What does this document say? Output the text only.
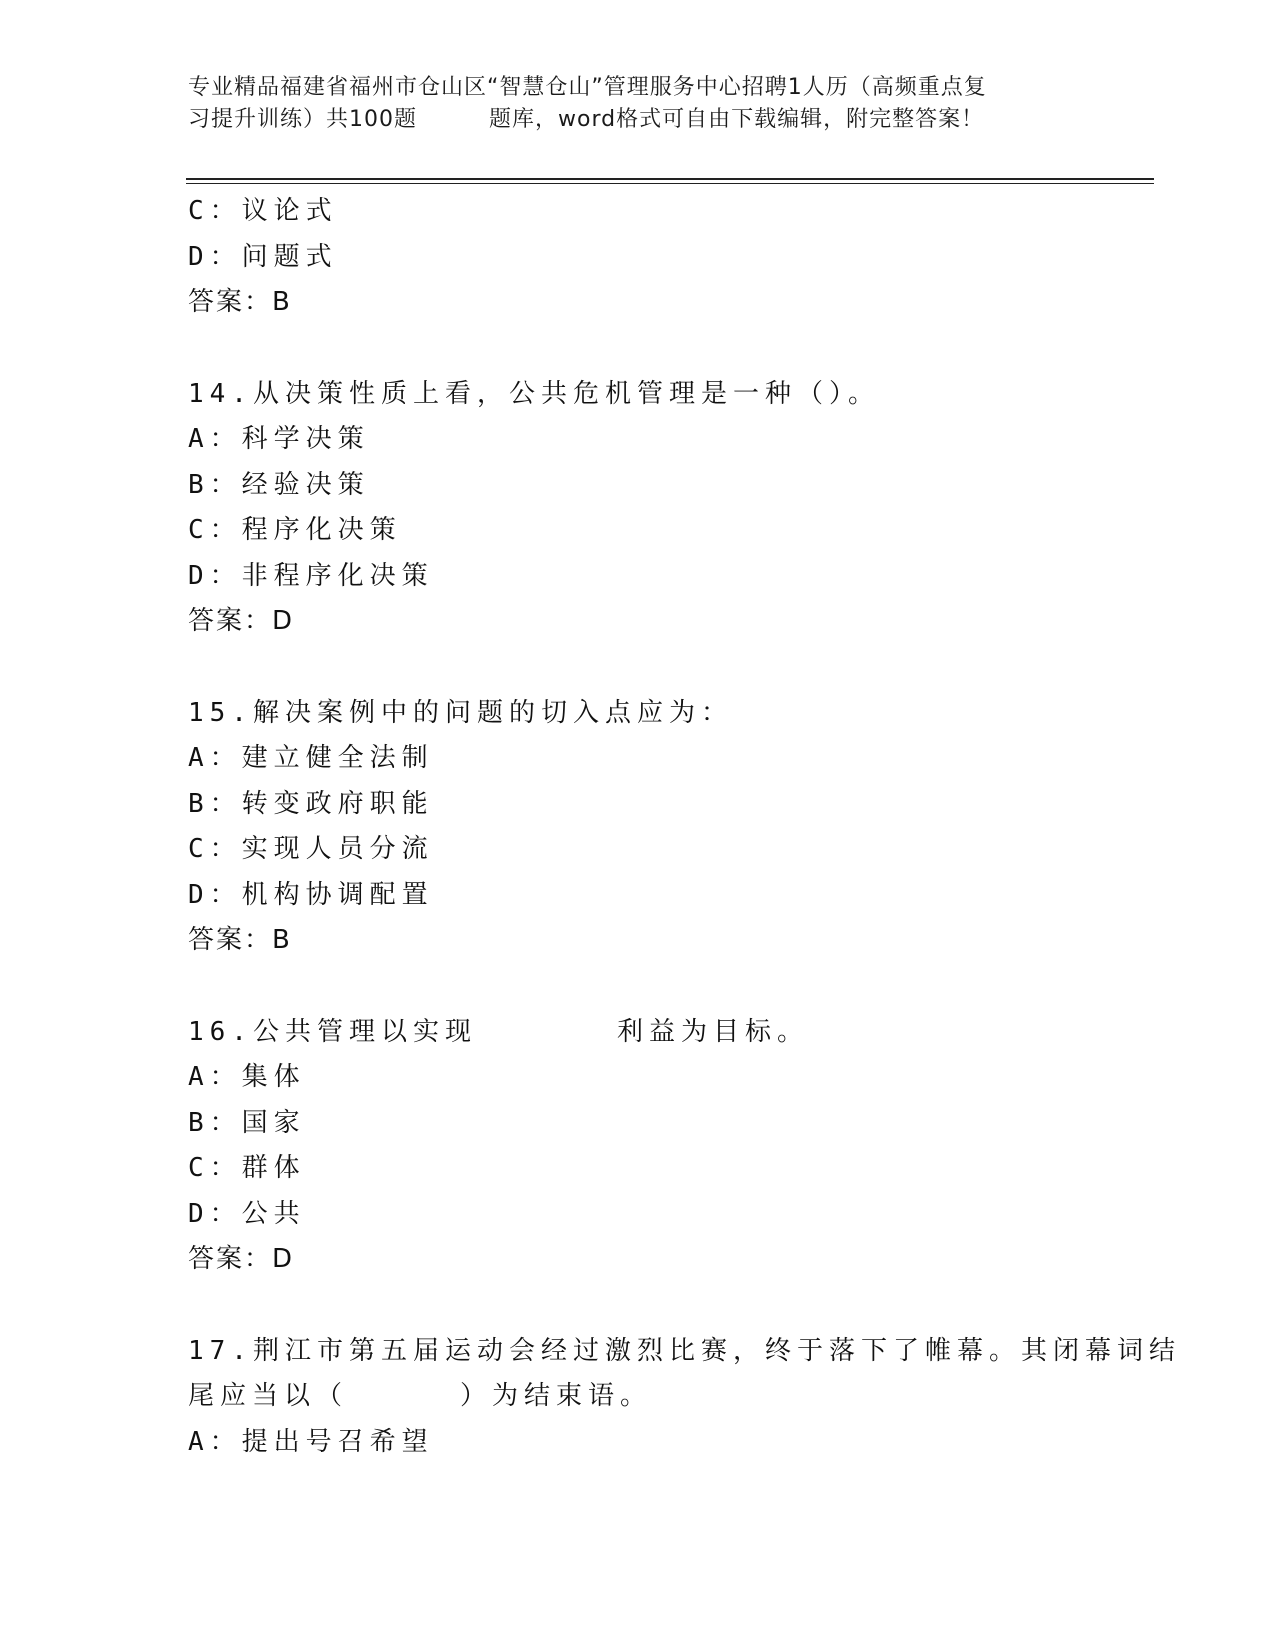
专业精品福建省福州市仓山区“智慧仓山”管理服务中心招聘1人历（高频重点复
习提升训练）共100题	题库，word格式可自由下载编辑，附完整答案！
C：议论式
D：问题式
答案：B
14.从决策性质上看，公共危机管理是一种（）。
A：科学决策
B：经验决策
C：程序化决策
D：非程序化决策
答案：D
15.解决案例中的问题的切入点应为：
A：建立健全法制
B：转变政府职能
C：实现人员分流
D：机构协调配置
答案：B
16.公共管理以实现	利益为目标。
A：集体
B：国家
C：群体
D：公共
答案：D
17.荆江市第五届运动会经过激烈比赛，终于落下了帷幕。其闭幕词结
尾应当以（	）为结束语。
A：提出号召希望
